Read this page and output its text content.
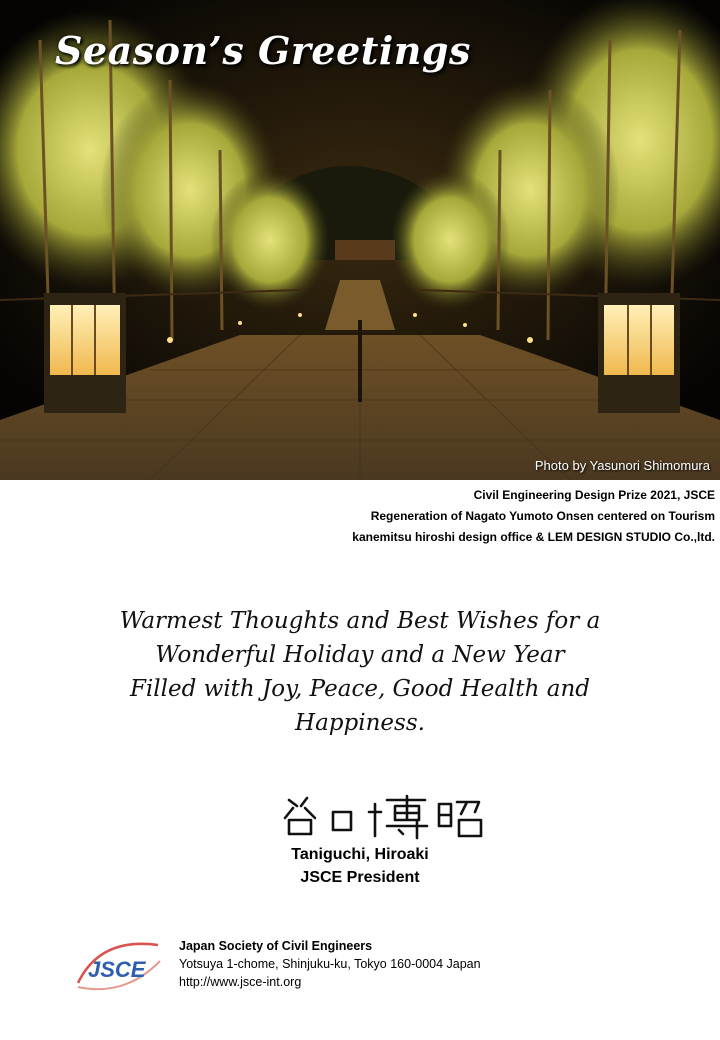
Season’s Greetings
Photo by Yasunori Shimomura
Civil Engineering Design Prize 2021, JSCE
Regeneration of Nagato Yumoto Onsen centered on Tourism
kanemitsu hiroshi design office & LEM DESIGN STUDIO Co.,ltd.
Warmest Thoughts and Best Wishes for a
Wonderful Holiday and a New Year
Filled with Joy, Peace, Good Health and
Happiness.
Taniguchi, Hiroaki
JSCE President
JSCE
Japan Society of Civil Engineers
Yotsuya 1-chome, Shinjuku-ku, Tokyo 160-0004 Japan
http://www.jsce-int.org
